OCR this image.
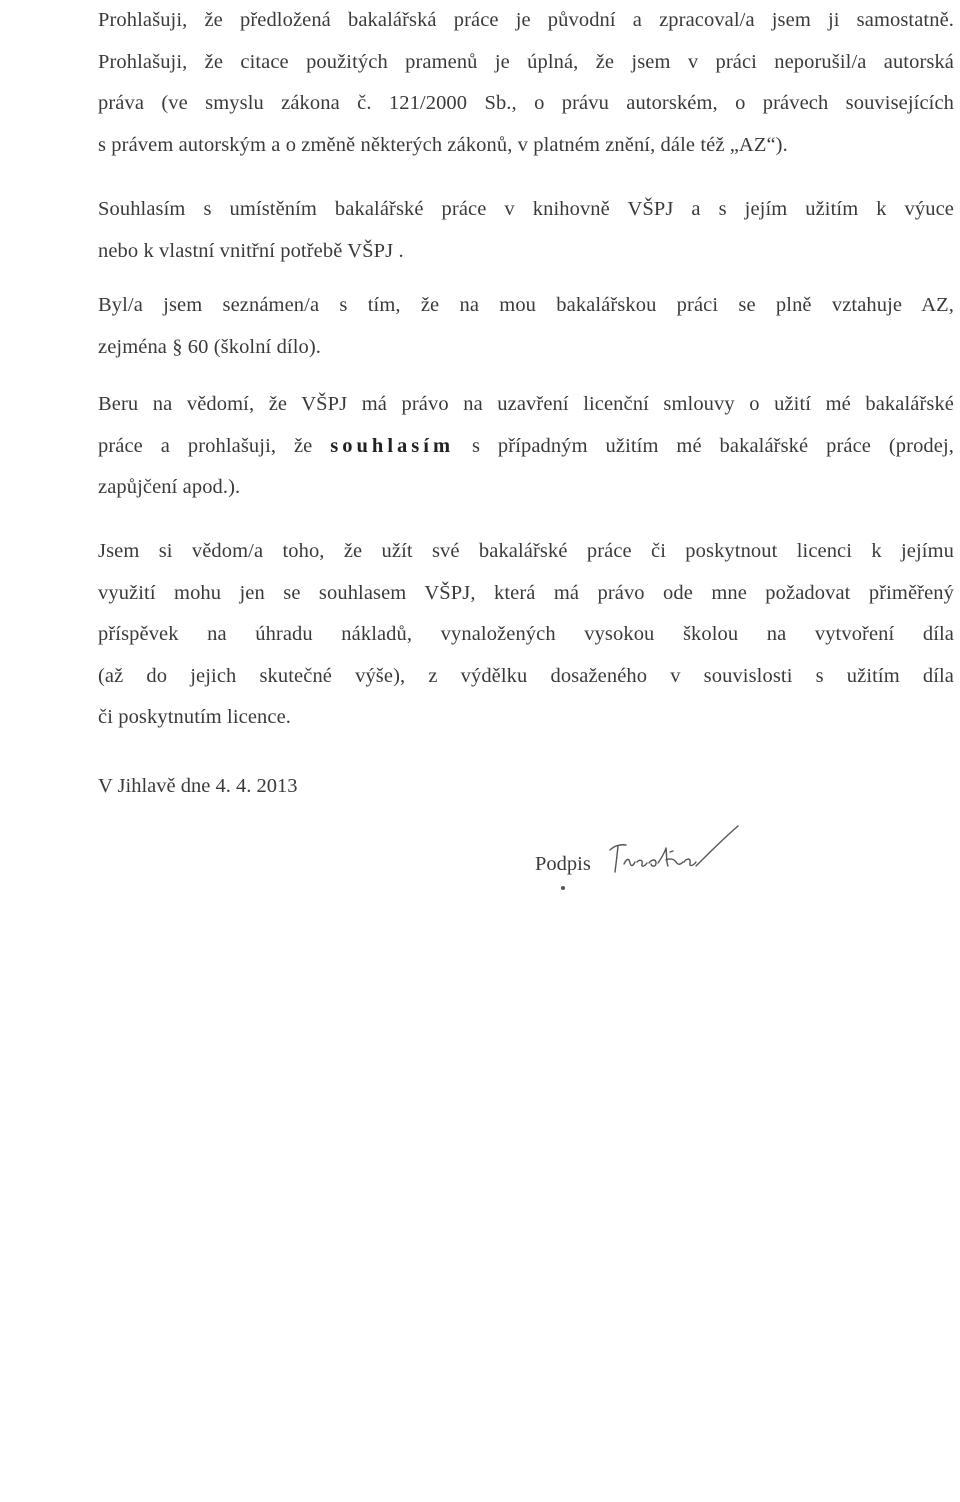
Prohlašuji, že předložená bakalářská práce je původní a zpracoval/a jsem ji samostatně.
Prohlašuji, že citace použitých pramenů je úplná, že jsem v práci neporušil/a autorská
práva (ve smyslu zákona č. 121/2000 Sb., o právu autorském, o právech souvisejících
s právem autorským a o změně některých zákonů, v platném znění, dále též „AZ“).
Souhlasím s umístěním bakalářské práce v knihovně VŠPJ a s jejím užitím k výuce
nebo k vlastní vnitřní potřebě VŠPJ .
Byl/a jsem seznámen/a s tím, že na mou bakalářskou práci se plně vztahuje AZ,
zejména § 60 (školní dílo).
Beru na vědomí, že VŠPJ má právo na uzavření licenční smlouvy o užití mé bakalářské
práce a prohlašuji, že souhlasím s případným užitím mé bakalářské práce (prodej,
zapůjčení apod.).
Jsem si vědom/a toho, že užít své bakalářské práce či poskytnout licenci k jejímu
využití mohu jen se souhlasem VŠPJ, která má právo ode mne požadovat přiměřený
příspěvek na úhradu nákladů, vynaložených vysokou školou na vytvoření díla
(až do jejich skutečné výše), z výdělku dosaženého v souvislosti s užitím díla
či poskytnutím licence.
V Jihlavě dne 4. 4. 2013
Podpis
